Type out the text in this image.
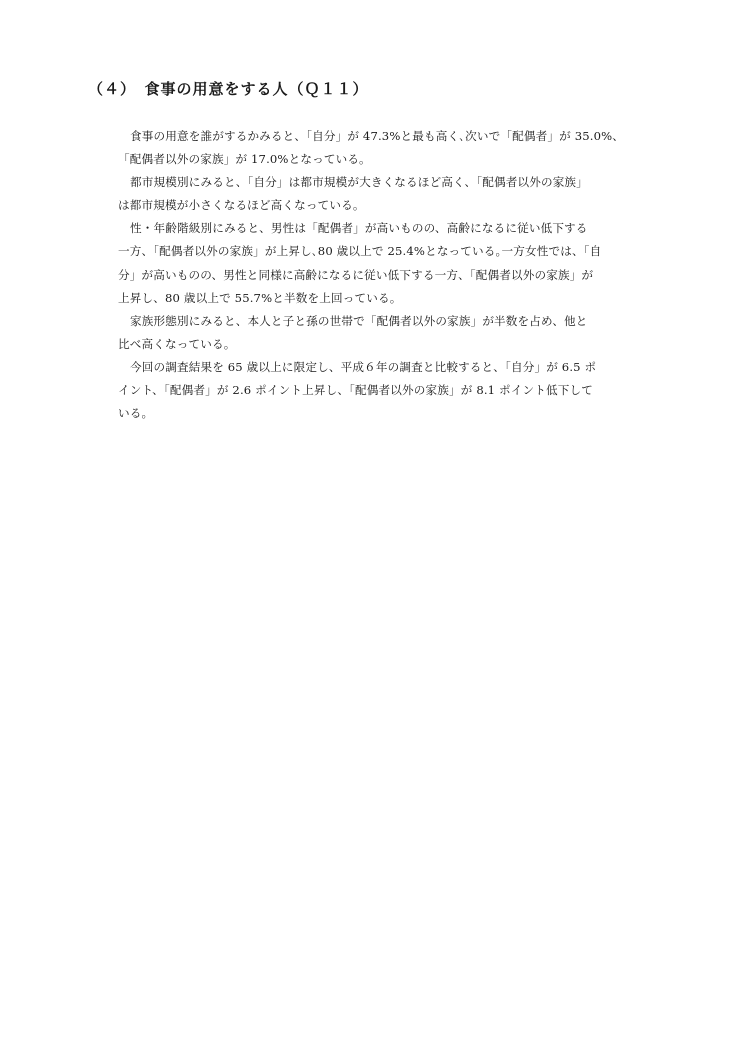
（４）　食事の用意をする人（Ｑ１１）
食事の用意を誰がするかみると、「自分」が 47.3%と最も高く､次いで「配偶者」が 35.0%、
「配偶者以外の家族」が 17.0%となっている。
都市規模別にみると、「自分」は都市規模が大きくなるほど高く、「配偶者以外の家族」
は都市規模が小さくなるほど高くなっている。
性・年齢階級別にみると、男性は「配偶者」が高いものの、高齢になるに従い低下する
一方、「配偶者以外の家族」が上昇し､80 歳以上で 25.4%となっている｡一方女性では、「自
分」が高いものの、男性と同様に高齢になるに従い低下する一方、「配偶者以外の家族」が
上昇し、80 歳以上で 55.7%と半数を上回っている。
家族形態別にみると、本人と子と孫の世帯で「配偶者以外の家族」が半数を占め、他と
比べ高くなっている。
今回の調査結果を 65 歳以上に限定し、平成６年の調査と比較すると、「自分」が 6.5 ポ
イント、「配偶者」が 2.6 ポイント上昇し、「配偶者以外の家族」が 8.1 ポイント低下して
いる。
